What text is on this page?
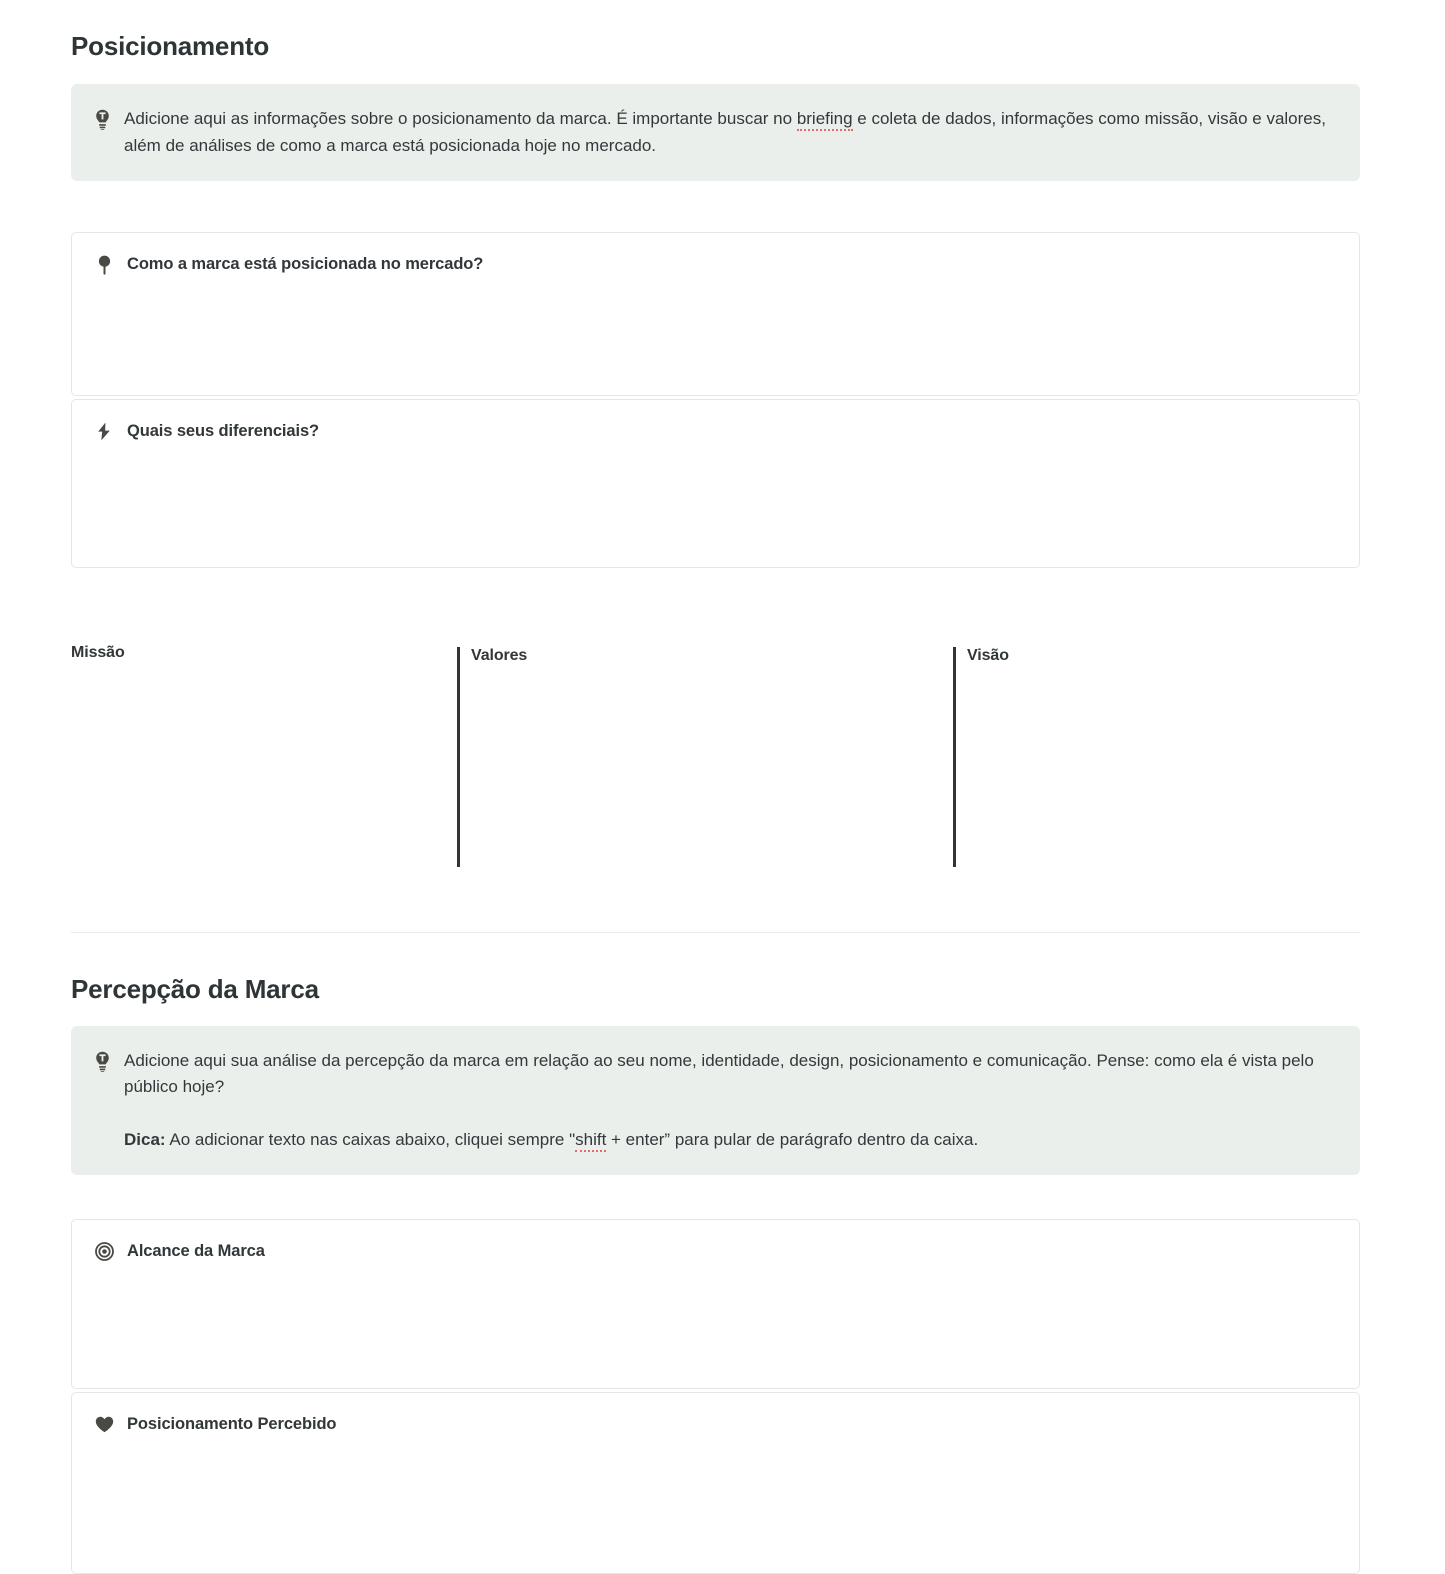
Posicionamento

Adicione aqui as informações sobre o posicionamento da marca. É importante buscar no briefing e coleta de dados, informações como missão, visão e valores, além de análises de como a marca está posicionada hoje no mercado.

Como a marca está posicionada no mercado?
Quais seus diferenciais?
Missão	Valores	Visão
Percepção da Marca

Adicione aqui sua análise da percepção da marca em relação ao seu nome, identidade, design, posicionamento e comunicação. Pense: como ela é vista pelo público hoje?

Dica: Ao adicionar texto nas caixas abaixo, cliquei sempre "shift + enter” para pular de parágrafo dentro da caixa.

Alcance da Marca
Posicionamento Percebido
